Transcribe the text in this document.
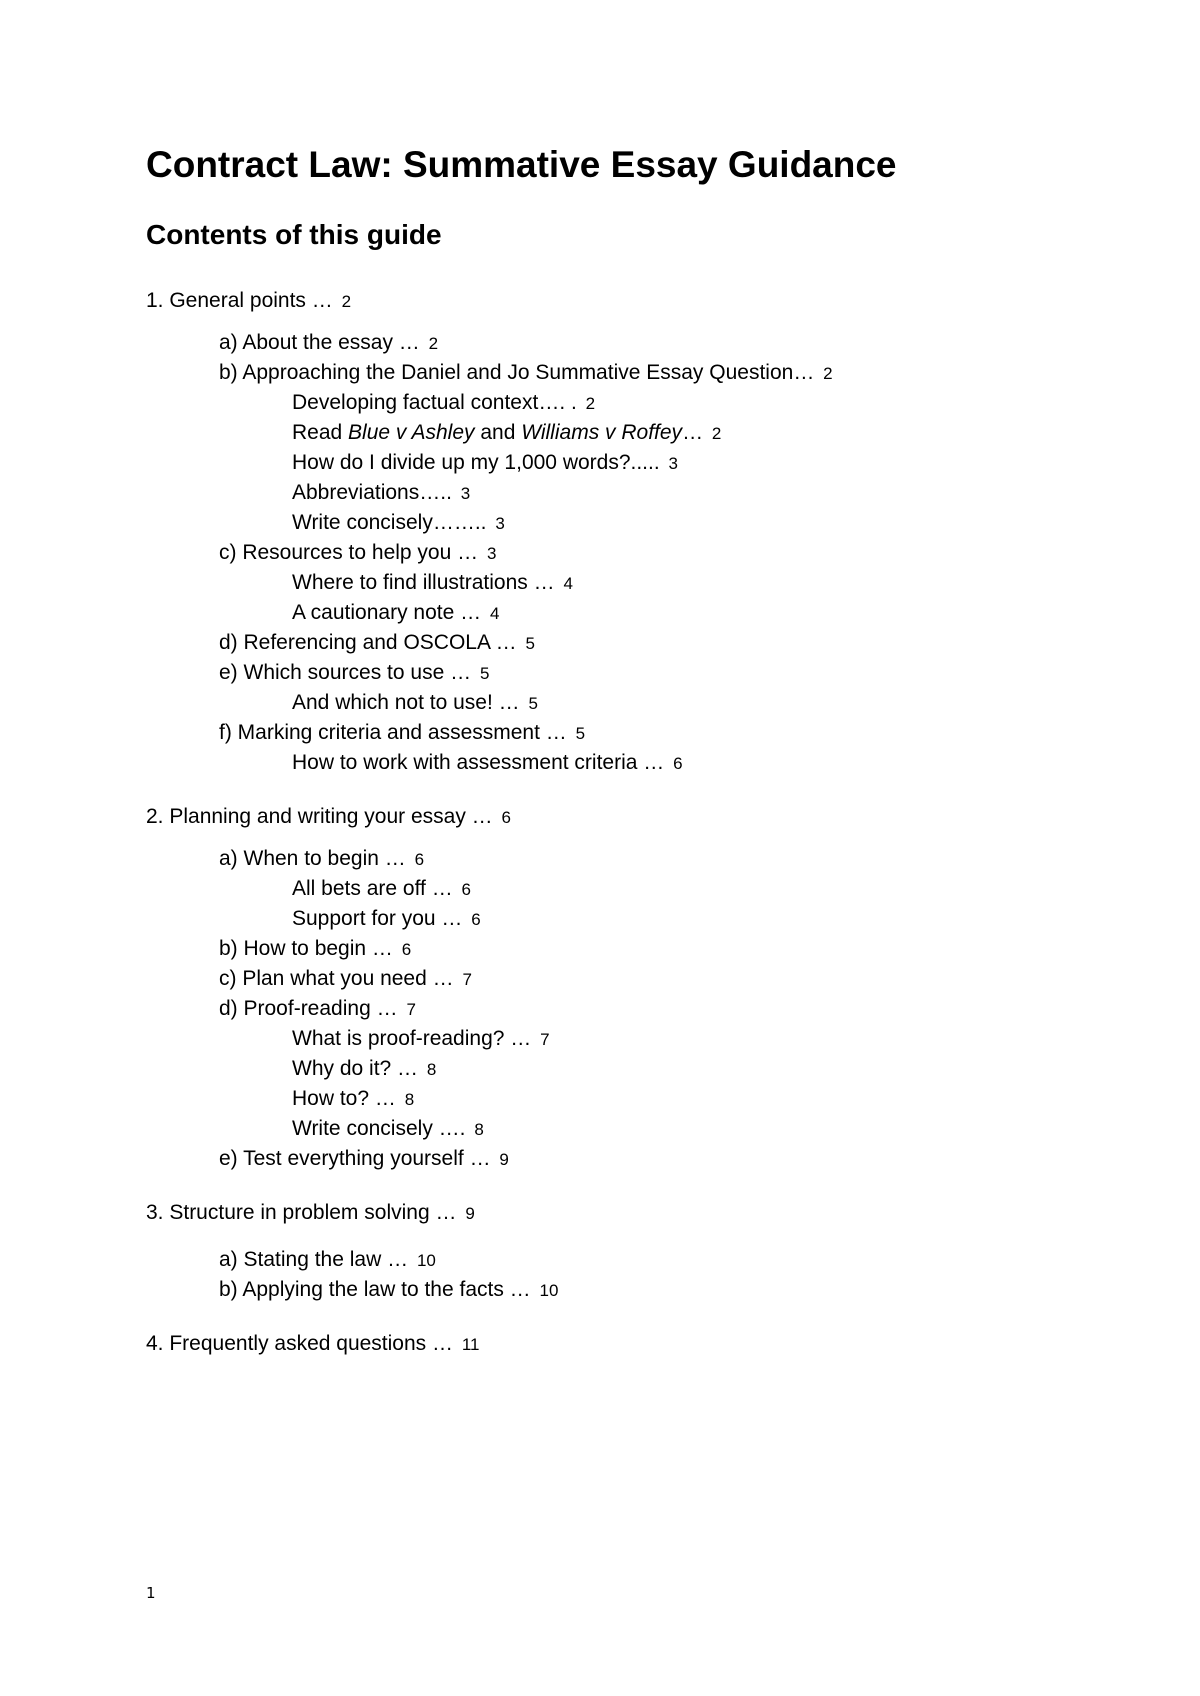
Contract Law: Summative Essay Guidance
Contents of this guide
1. General points … 2
a) About the essay … 2
b) Approaching the Daniel and Jo Summative Essay Question… 2
Developing factual context…. . 2
Read Blue v Ashley and Williams v Roffey… 2
How do I divide up my 1,000 words?..... 3
Abbreviations….. 3
Write concisely…….. 3
c) Resources to help you … 3
Where to find illustrations … 4
A cautionary note … 4
d) Referencing and OSCOLA … 5
e) Which sources to use … 5
And which not to use! … 5
f) Marking criteria and assessment … 5
How to work with assessment criteria … 6
2. Planning and writing your essay … 6
a) When to begin … 6
All bets are off … 6
Support for you … 6
b) How to begin … 6
c) Plan what you need … 7
d) Proof-reading … 7
What is proof-reading? … 7
Why do it? … 8
How to? … 8
Write concisely …. 8
e) Test everything yourself … 9
3. Structure in problem solving … 9
a) Stating the law … 10
b) Applying the law to the facts … 10
4. Frequently asked questions … 11
1
